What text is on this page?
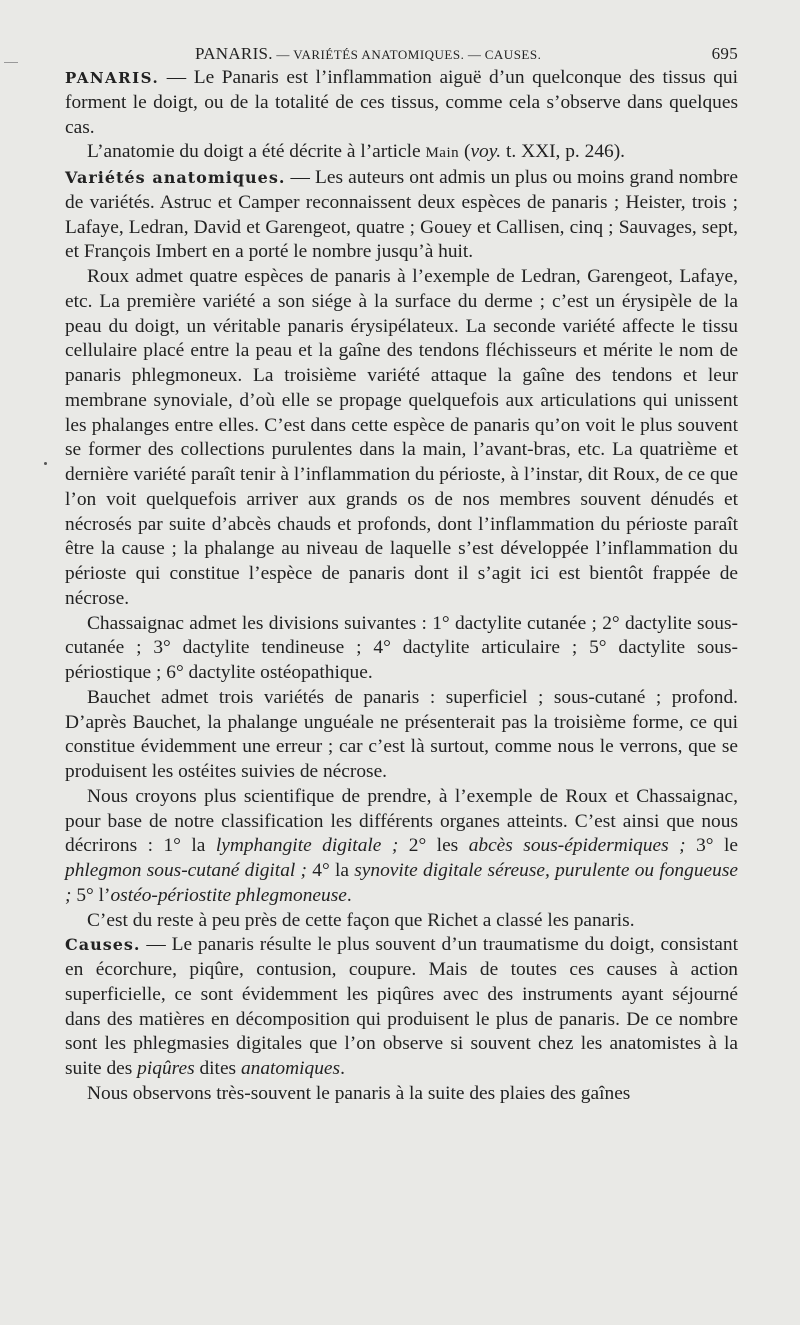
PANARIS. — VARIÉTÉS ANATOMIQUES. — CAUSES.	695

PANARIS. — Le Panaris est l’inflammation aiguë d’un quelconque des tissus qui forment le doigt, ou de la totalité de ces tissus, comme cela s’observe dans quelques cas.

L’anatomie du doigt a été décrite à l’article Main (voy. t. XXI, p. 246).

Variétés anatomiques. — Les auteurs ont admis un plus ou moins grand nombre de variétés. Astruc et Camper reconnaissent deux espèces de panaris ; Heister, trois ; Lafaye, Ledran, David et Garengeot, quatre ; Gouey et Callisen, cinq ; Sauvages, sept, et François Imbert en a porté le nombre jusqu’à huit.

Roux admet quatre espèces de panaris à l’exemple de Ledran, Garengeot, Lafaye, etc. La première variété a son siége à la surface du derme ; c’est un érysipèle de la peau du doigt, un véritable panaris érysipélateux. La seconde variété affecte le tissu cellulaire placé entre la peau et la gaîne des tendons fléchisseurs et mérite le nom de panaris phlegmoneux. La troisième variété attaque la gaîne des tendons et leur membrane synoviale, d’où elle se propage quelquefois aux articulations qui unissent les phalanges entre elles. C’est dans cette espèce de panaris qu’on voit le plus souvent se former des collections purulentes dans la main, l’avant-bras, etc. La quatrième et dernière variété paraît tenir à l’inflammation du périoste, à l’instar, dit Roux, de ce que l’on voit quelquefois arriver aux grands os de nos membres souvent dénudés et nécrosés par suite d’abcès chauds et profonds, dont l’inflammation du périoste paraît être la cause ; la phalange au niveau de laquelle s’est développée l’inflammation du périoste qui constitue l’espèce de panaris dont il s’agit ici est bientôt frappée de nécrose.

Chassaignac admet les divisions suivantes : 1° dactylite cutanée ; 2° dactylite sous-cutanée ; 3° dactylite tendineuse ; 4° dactylite articulaire ; 5° dactylite sous-périostique ; 6° dactylite ostéopathique.

Bauchet admet trois variétés de panaris : superficiel ; sous-cutané ; profond. D’après Bauchet, la phalange unguéale ne présenterait pas la troisième forme, ce qui constitue évidemment une erreur ; car c’est là surtout, comme nous le verrons, que se produisent les ostéites suivies de nécrose.

Nous croyons plus scientifique de prendre, à l’exemple de Roux et Chassaignac, pour base de notre classification les différents organes atteints. C’est ainsi que nous décrirons : 1° la lymphangite digitale ; 2° les abcès sous-épidermiques ; 3° le phlegmon sous-cutané digital ; 4° la synovite digitale séreuse, purulente ou fongueuse ; 5° l’ostéo-périostite phlegmoneuse.

C’est du reste à peu près de cette façon que Richet a classé les panaris.

Causes. — Le panaris résulte le plus souvent d’un traumatisme du doigt, consistant en écorchure, piqûre, contusion, coupure. Mais de toutes ces causes à action superficielle, ce sont évidemment les piqûres avec des instruments ayant séjourné dans des matières en décomposition qui produisent le plus de panaris. De ce nombre sont les phlegmasies digitales que l’on observe si souvent chez les anatomistes à la suite des piqûres dites anatomiques.

Nous observons très-souvent le panaris à la suite des plaies des gaînes
